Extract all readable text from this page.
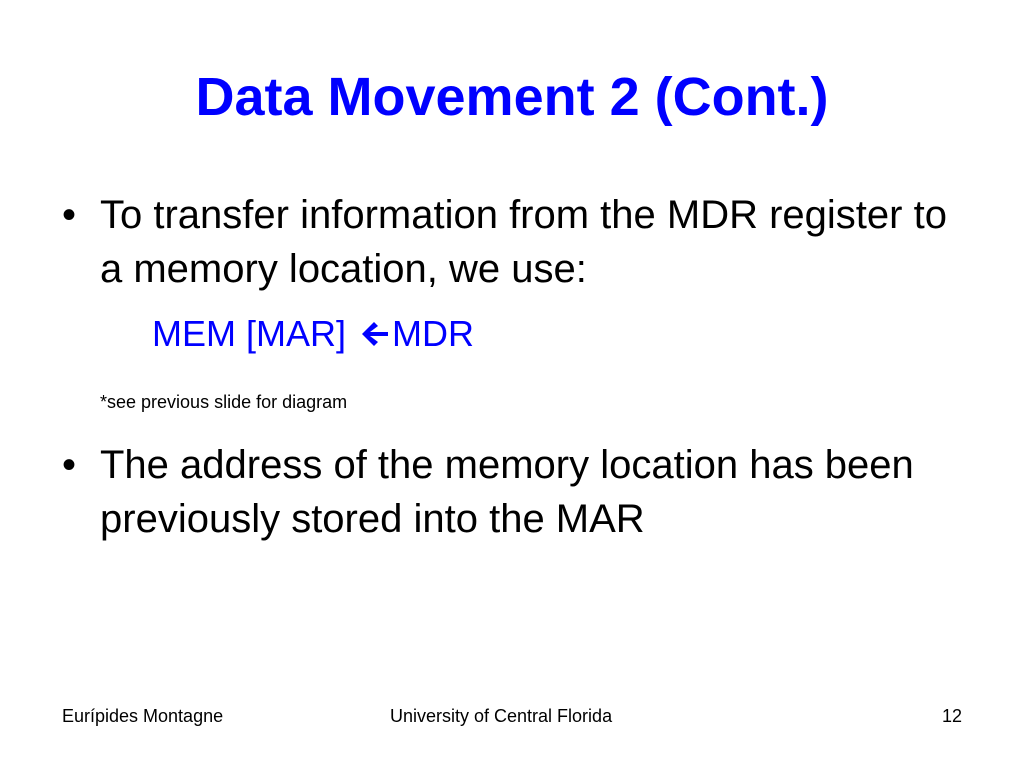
Data Movement 2 (Cont.)
• To transfer information from the MDR register to a memory location, we use:
MEM [MAR] MDR
*see previous slide for diagram
• The address of the memory location has been previously stored into the MAR
Eurípides Montagne	University of Central Florida	12
